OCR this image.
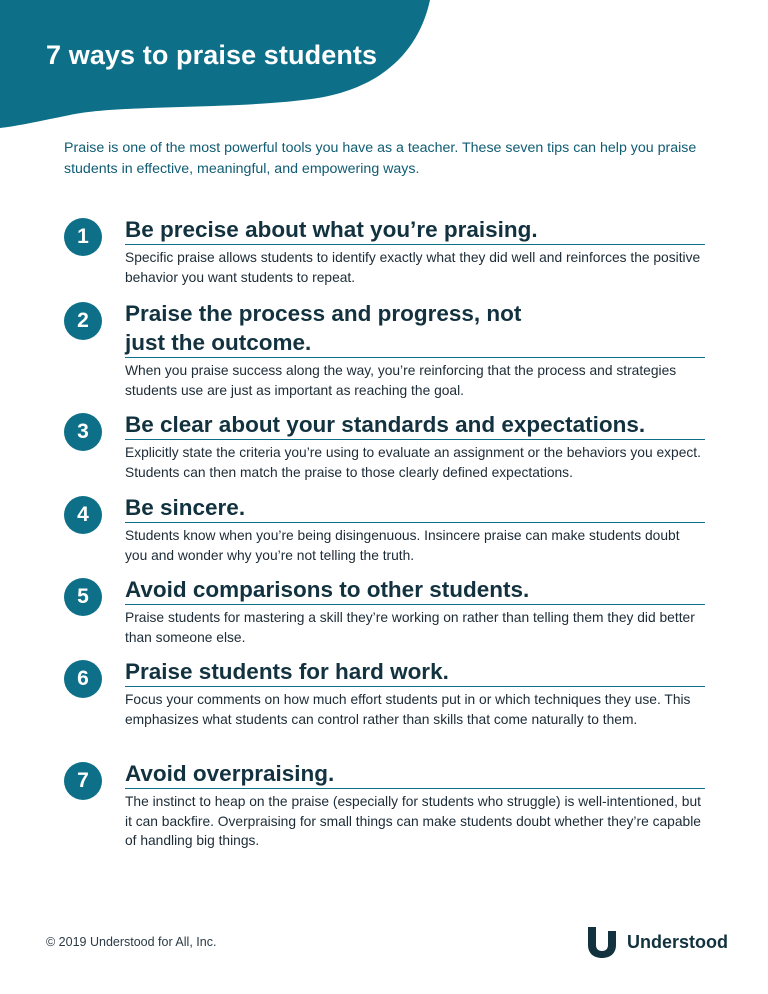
7 ways to praise students

Praise is one of the most powerful tools you have as a teacher. These seven tips can help you praise students in effective, meaningful, and empowering ways.

1	Be precise about what you’re praising.

Specific praise allows students to identify exactly what they did well and reinforces the positive behavior you want students to repeat.

2	Praise the process and progress, not just the outcome.

When you praise success along the way, you’re reinforcing that the process and strategies students use are just as important as reaching the goal.

3	Be clear about your standards and expectations.

Explicitly state the criteria you’re using to evaluate an assignment or the behaviors you expect. Students can then match the praise to those clearly defined expectations.

4	Be sincere.

Students know when you’re being disingenuous. Insincere praise can make students doubt you and wonder why you’re not telling the truth.

5	Avoid comparisons to other students.

Praise students for mastering a skill they’re working on rather than telling them they did better than someone else.

6	Praise students for hard work.

Focus your comments on how much effort students put in or which techniques they use. This emphasizes what students can control rather than skills that come naturally to them.

7	Avoid overpraising.

The instinct to heap on the praise (especially for students who struggle) is well-intentioned, but it can backfire. Overpraising for small things can make students doubt whether they’re capable of handling big things.

© 2019 Understood for All, Inc.	Understood
